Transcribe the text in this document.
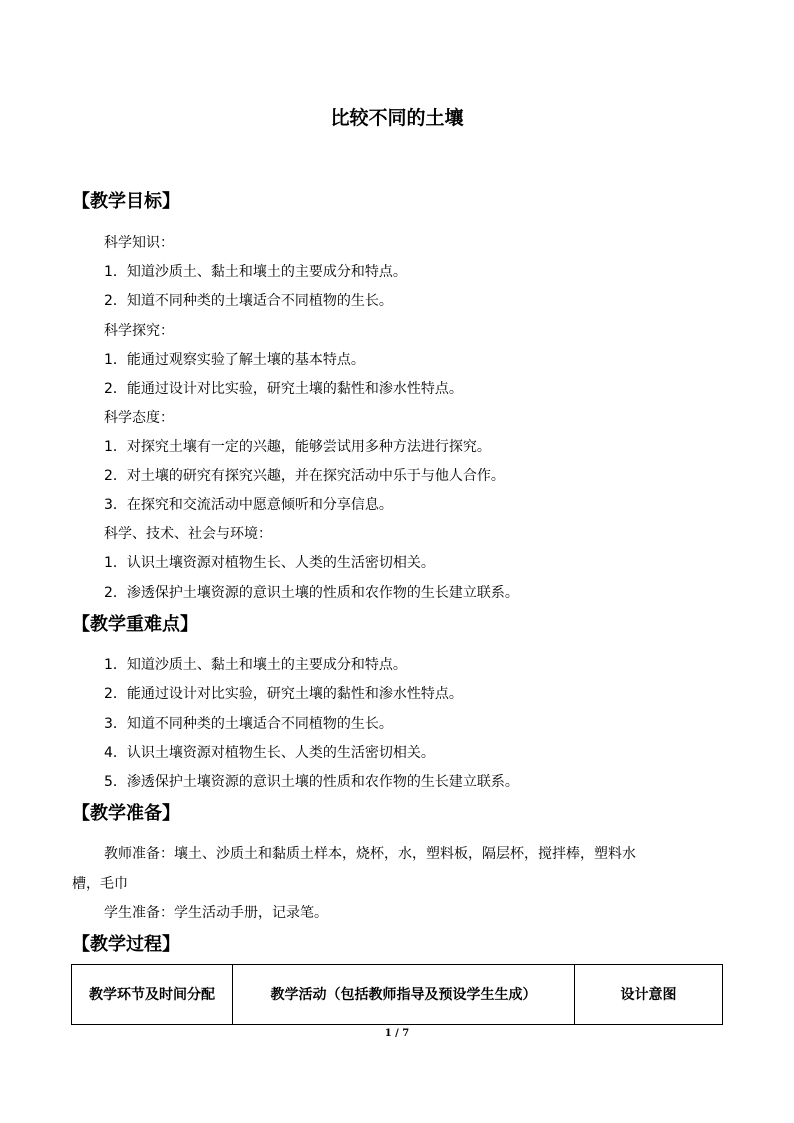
比较不同的土壤
【教学目标】
科学知识：
1．知道沙质土、黏土和壤土的主要成分和特点。
2．知道不同种类的土壤适合不同植物的生长。
科学探究：
1．能通过观察实验了解土壤的基本特点。
2．能通过设计对比实验，研究土壤的黏性和渗水性特点。
科学态度：
1．对探究土壤有一定的兴趣，能够尝试用多种方法进行探究。
2．对土壤的研究有探究兴趣，并在探究活动中乐于与他人合作。
3．在探究和交流活动中愿意倾听和分享信息。
科学、技术、社会与环境：
1．认识土壤资源对植物生长、人类的生活密切相关。
2．渗透保护土壤资源的意识土壤的性质和农作物的生长建立联系。
【教学重难点】
1．知道沙质土、黏土和壤土的主要成分和特点。
2．能通过设计对比实验，研究土壤的黏性和渗水性特点。
3．知道不同种类的土壤适合不同植物的生长。
4．认识土壤资源对植物生长、人类的生活密切相关。
5．渗透保护土壤资源的意识土壤的性质和农作物的生长建立联系。
【教学准备】
教师准备：壤土、沙质土和黏质土样本，烧杯，水，塑料板，隔层杯，搅拌棒，塑料水
槽，毛巾
学生准备：学生活动手册，记录笔。
【教学过程】
教学环节及时间分配	教学活动（包括教师指导及预设学生生成）	设计意图
1 / 7
